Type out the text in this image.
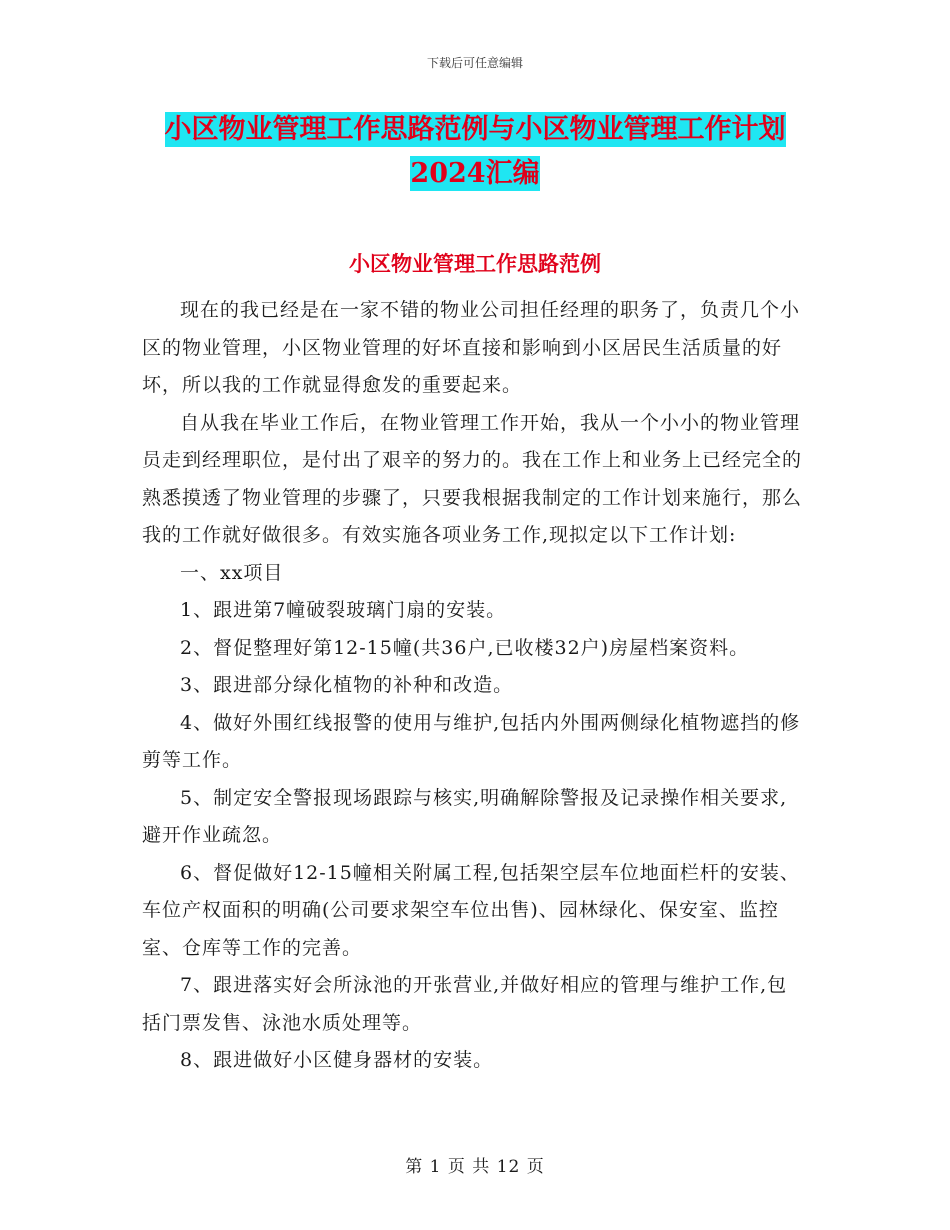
下载后可任意编辑
小区物业管理工作思路范例与小区物业管理工作计划2024汇编
小区物业管理工作思路范例

现在的我已经是在一家不错的物业公司担任经理的职务了，负责几个小区的物业管理，小区物业管理的好坏直接和影响到小区居民生活质量的好坏，所以我的工作就显得愈发的重要起来。

自从我在毕业工作后，在物业管理工作开始，我从一个小小的物业管理员走到经理职位，是付出了艰辛的努力的。我在工作上和业务上已经完全的熟悉摸透了物业管理的步骤了，只要我根据我制定的工作计划来施行，那么我的工作就好做很多。有效实施各项业务工作,现拟定以下工作计划:

一、xx项目

1、跟进第7幢破裂玻璃门扇的安装。

2、督促整理好第12-15幢(共36户,已收楼32户)房屋档案资料。

3、跟进部分绿化植物的补种和改造。

4、做好外围红线报警的使用与维护,包括内外围两侧绿化植物遮挡的修剪等工作。

5、制定安全警报现场跟踪与核实,明确解除警报及记录操作相关要求,避开作业疏忽。

6、督促做好12-15幢相关附属工程,包括架空层车位地面栏杆的安装、车位产权面积的明确(公司要求架空车位出售)、园林绿化、保安室、监控室、仓库等工作的完善。

7、跟进落实好会所泳池的开张营业,并做好相应的管理与维护工作,包括门票发售、泳池水质处理等。

8、跟进做好小区健身器材的安装。

第 1 页 共 12 页
